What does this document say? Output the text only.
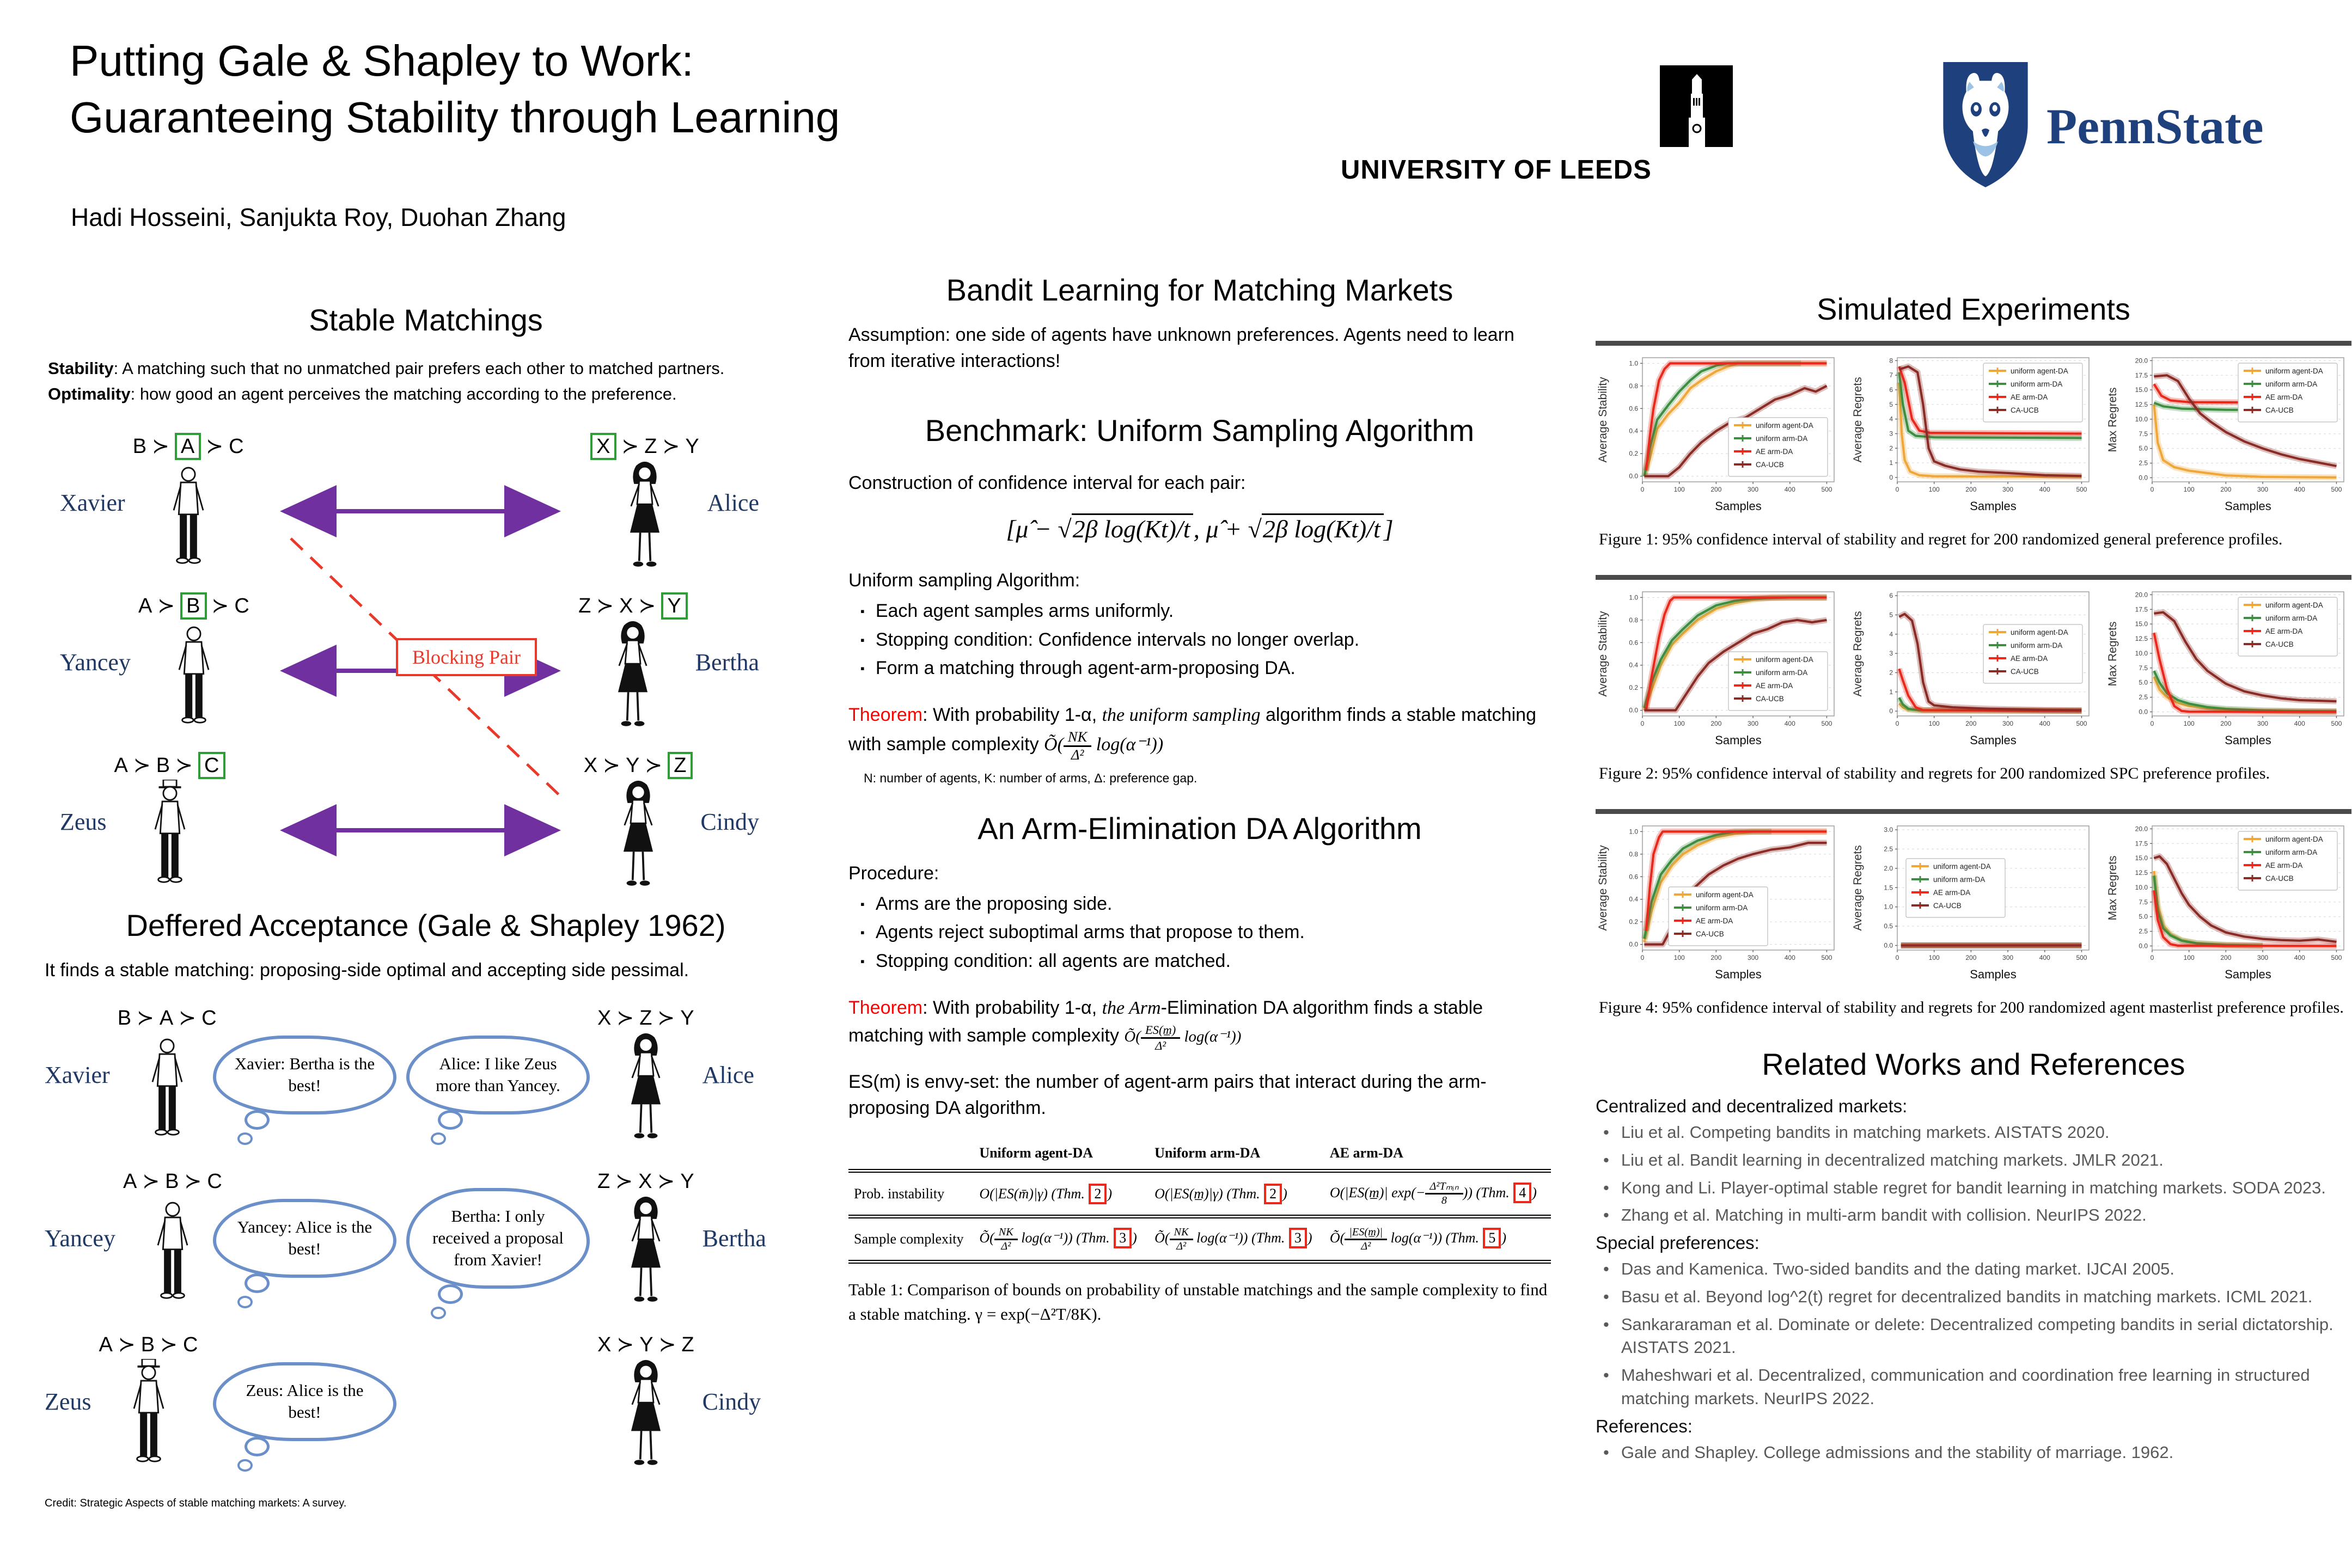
Putting Gale & Shapley to Work:
Guaranteeing Stability through Learning
Hadi Hosseini, Sanjukta Roy, Duohan Zhang
UNIVERSITY OF LEEDS
PennState
Stable Matchings

Stability: A matching such that no unmatched pair prefers each other to matched partners.
Optimality: how good an agent perceives the matching according to the preference.

Xavier
B ≻ A ≻ C	X ≻ Z ≻ Y
Alice
Yancey
A ≻ B ≻ C	Z ≻ X ≻ Y
Bertha
Zeus
A ≻ B ≻ C	X ≻ Y ≻ Z
Cindy
Blocking Pair
Deffered Acceptance (Gale & Shapley 1962)

It finds a stable matching: proposing-side optimal and accepting side pessimal.

Xavier
B ≻ A ≻ C
Xavier: Bertha is the best!
Alice: I like Zeus more than Yancey.
X ≻ Z ≻ Y
Alice
Yancey
A ≻ B ≻ C
Yancey: Alice is the best!
Bertha: I only received a proposal from Xavier!
Z ≻ X ≻ Y
Bertha
Zeus
A ≻ B ≻ C
Zeus: Alice is the best!
X ≻ Y ≻ Z
Cindy
Credit: Strategic Aspects of stable matching markets: A survey.
Bandit Learning for Matching Markets

Assumption: one side of agents have unknown preferences. Agents need to learn from iterative interactions!

Benchmark: Uniform Sampling Algorithm

Construction of confidence interval for each pair:

[μ̂ − √2β log(Kt)/t , μ̂ + √2β log(Kt)/t ]

Uniform sampling Algorithm:

▪ Each agent samples arms uniformly.
▪ Stopping condition: Confidence intervals no longer overlap.
▪ Form a matching through agent-arm-proposing DA.

Theorem: With probability 1-α, the uniform sampling algorithm finds a stable matching with sample complexity Õ( $\frac{NK}{\text{Δ²}} \log(\alpha^{-1})$)

N: number of agents, K: number of arms, Δ: preference gap.

An Arm-Elimination DA Algorithm

Procedure:

▪ Arms are the proposing side.
▪ Agents reject suboptimal arms that propose to them.
▪ Stopping condition: all agents are matched.

Theorem: With probability 1-α, the Arm-Elimination DA algorithm finds a stable matching with sample complexity Õ( $\frac{ES(m̲)}{\text{Δ²}} \log(\alpha^{-1})$)

ES(m) is envy-set: the number of agent-arm pairs that interact during the arm-proposing DA algorithm.

	Uniform agent-DA	Uniform arm-DA	AE arm-DA
Prob. instability	O(|ES(m̄)|γ) (Thm. 2 )	O(|ES(m̲)|γ) (Thm. 2 )	O(|ES(m̲)| $\exp(- \frac{\text{Δ²Tₘᵢₙ}}{8}$ )) (Thm. 4 )
Sample complexity	Õ( $\frac{NK}{\text{Δ²}} \log(\alpha^{-1})$) (Thm. 3 )	Õ( $\frac{NK}{\text{Δ²}} \log(\alpha^{-1})$) (Thm. 3 )	Õ( $\frac{|ES(m̲)|}{\text{Δ²}} \log(\alpha^{-1})$) (Thm. 5 )

Table 1: Comparison of bounds on probability of unstable matchings and the sample complexity to find a stable matching. γ = exp(−Δ²T/8K).

Simulated Experiments
0.0
0.2
0.4
0.6
0.8
1.0
0	100	200	300	400	500
Average Stability
Samples
uniform agent-DA
uniform arm-DA
AE arm-DA
CA-UCB
0
1
2
3
4
5
6
7
8
0	100	200	300	400	500
Average Regrets
Samples
uniform agent-DA
uniform arm-DA
AE arm-DA
CA-UCB
0.0
2.5
5.0
7.5
10.0
12.5
15.0
17.5
20.0
0	100	200	300	400	500
Max Regrets
Samples
uniform agent-DA
uniform arm-DA
AE arm-DA
CA-UCB
Figure 1: 95% confidence interval of stability and regret for 200 randomized general preference profiles.
0.0
0.2
0.4
0.6
0.8
1.0
0	100	200	300	400	500
Average Stability
Samples
uniform agent-DA
uniform arm-DA
AE arm-DA
CA-UCB
0
1
2
3
4
5
6
0	100	200	300	400	500
Average Regrets
Samples
uniform agent-DA
uniform arm-DA
AE arm-DA
CA-UCB
0.0
2.5
5.0
7.5
10.0
12.5
15.0
17.5
20.0
0	100	200	300	400	500
Max Regrets
Samples
uniform agent-DA
uniform arm-DA
AE arm-DA
CA-UCB
Figure 2: 95% confidence interval of stability and regrets for 200 randomized SPC preference profiles.
0.0
0.2
0.4
0.6
0.8
1.0
0	100	200	300	400	500
Average Stability
Samples
uniform agent-DA
uniform arm-DA
AE arm-DA
CA-UCB
0.0
0.5
1.0
1.5
2.0
2.5
3.0
0	100	200	300	400	500
Average Regrets
Samples
uniform agent-DA
uniform arm-DA
AE arm-DA
CA-UCB
0.0
2.5
5.0
7.5
10.0
12.5
15.0
17.5
20.0
0	100	200	300	400	500
Max Regrets
Samples
uniform agent-DA
uniform arm-DA
AE arm-DA
CA-UCB
Figure 4: 95% confidence interval of stability and regrets for 200 randomized agent masterlist preference profiles.
Related Works and References
Centralized and decentralized markets:
• Liu et al. Competing bandits in matching markets. AISTATS 2020.
• Liu et al. Bandit learning in decentralized matching markets. JMLR 2021.
• Kong and Li. Player-optimal stable regret for bandit learning in matching markets. SODA 2023.
• Zhang et al. Matching in multi-arm bandit with collision. NeurIPS 2022.
Special preferences:
• Das and Kamenica. Two-sided bandits and the dating market. IJCAI 2005.
• Basu et al. Beyond log^2(t) regret for decentralized bandits in matching markets. ICML 2021.
• Sankararaman et al. Dominate or delete: Decentralized competing bandits in serial dictatorship. AISTATS 2021.
• Maheshwari et al. Decentralized, communication and coordination free learning in structured matching markets. NeurIPS 2022.
References:
• Gale and Shapley. College admissions and the stability of marriage. 1962.
